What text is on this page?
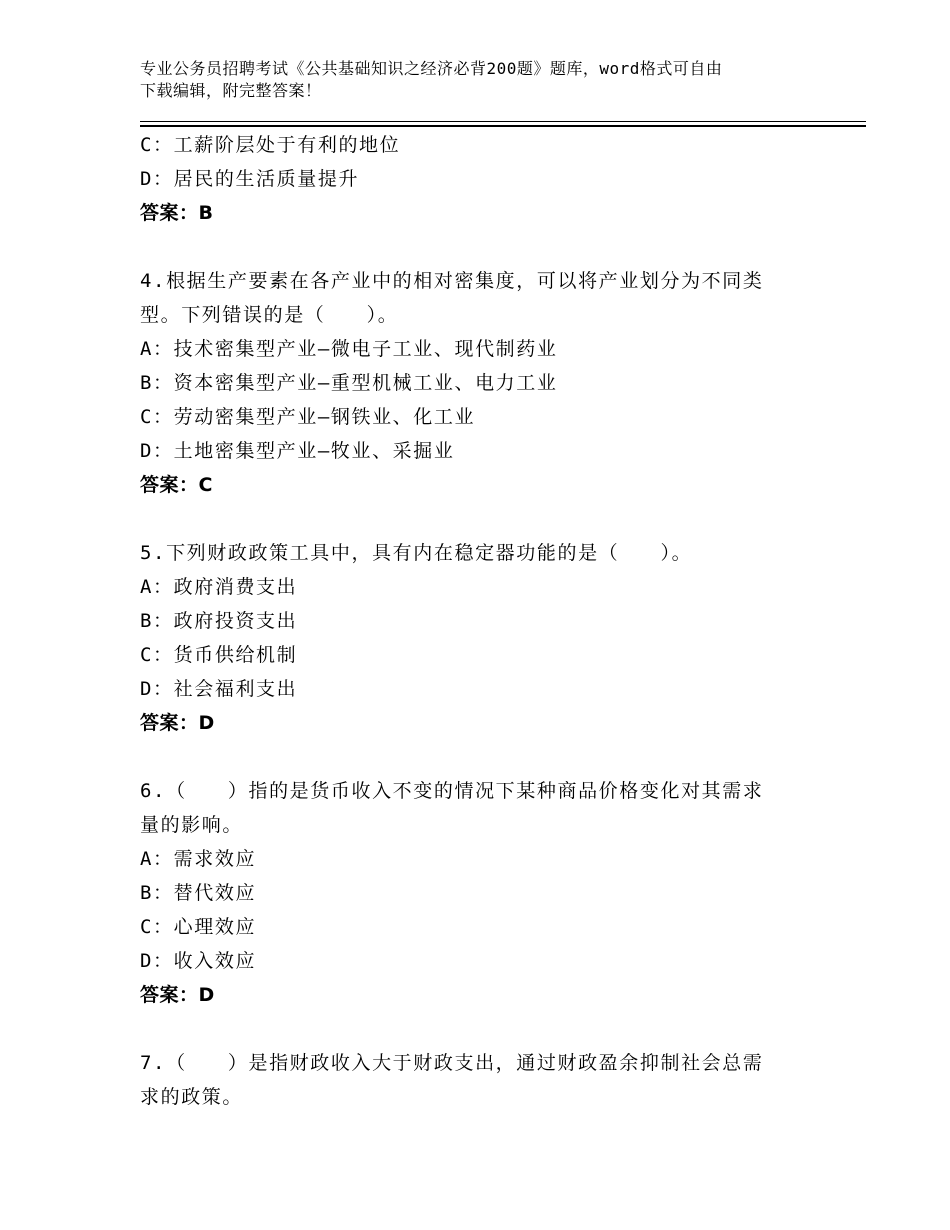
专业公务员招聘考试《公共基础知识之经济必背200题》题库，word格式可自由
下载编辑，附完整答案！
C：工薪阶层处于有利的地位
D：居民的生活质量提升
答案：B
4.根据生产要素在各产业中的相对密集度，可以将产业划分为不同类
型。下列错误的是（　　）。
A：技术密集型产业—微电子工业、现代制药业
B：资本密集型产业—重型机械工业、电力工业
C：劳动密集型产业—钢铁业、化工业
D：土地密集型产业—牧业、采掘业
答案：C
5.下列财政政策工具中，具有内在稳定器功能的是（　　）。
A：政府消费支出
B：政府投资支出
C：货币供给机制
D：社会福利支出
答案：D
6.（　　）指的是货币收入不变的情况下某种商品价格变化对其需求
量的影响。
A：需求效应
B：替代效应
C：心理效应
D：收入效应
答案：D
7.（　　）是指财政收入大于财政支出，通过财政盈余抑制社会总需
求的政策。
